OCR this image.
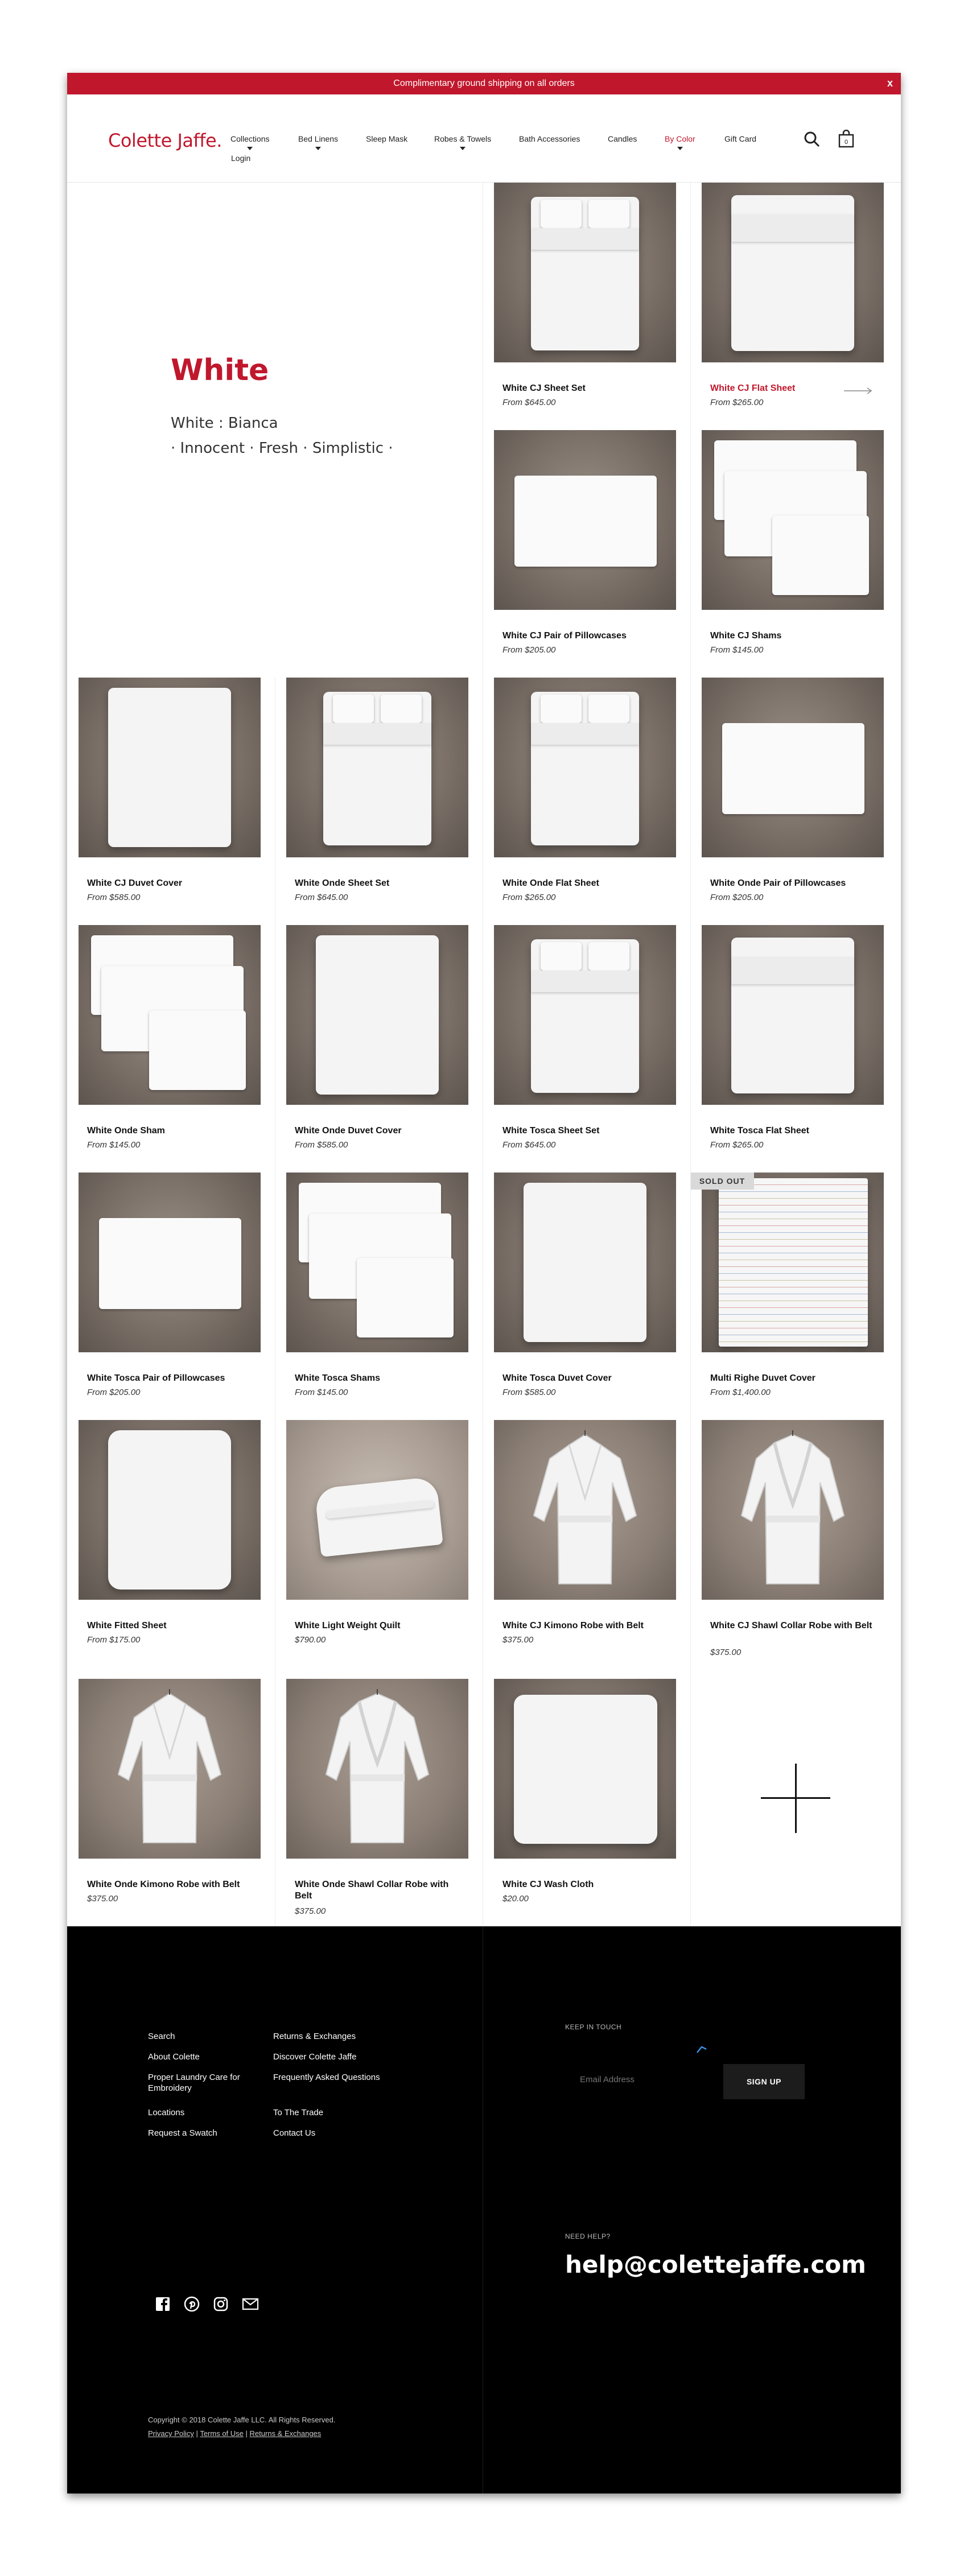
Complimentary ground shipping on all orders	x
Colette Jaffe. Collections	Bed Linens	Sleep Mask	Robes & Towels	Bath Accessories	Candles	By Color	Gift Card
Login
0
White
White : Bianca
· Innocent · Fresh · Simplistic ·
White CJ Sheet Set
From $645.00
White CJ Flat Sheet
From $265.00
White CJ Pair of Pillowcases
From $205.00
White CJ Shams
From $145.00
White CJ Duvet Cover
From $585.00
White Onde Sheet Set
From $645.00
White Onde Flat Sheet
From $265.00
White Onde Pair of Pillowcases
From $205.00
White Onde Sham
From $145.00
White Onde Duvet Cover
From $585.00
White Tosca Sheet Set
From $645.00
White Tosca Flat Sheet
From $265.00
White Tosca Pair of Pillowcases
From $205.00
White Tosca Shams
From $145.00
White Tosca Duvet Cover
From $585.00
SOLD OUT
Multi Righe Duvet Cover
From $1,400.00
White Fitted Sheet
From $175.00
White Light Weight Quilt
$790.00
White CJ Kimono Robe with Belt
$375.00
White CJ Shawl Collar Robe with Belt
$375.00
White Onde Kimono Robe with Belt
$375.00
White Onde Shawl Collar Robe with Belt
$375.00
White CJ Wash Cloth
$20.00
Search
About Colette
Proper Laundry Care for Embroidery
Locations
Request a Swatch
Returns & Exchanges
Discover Colette Jaffe
Frequently Asked Questions
To The Trade
Contact Us
KEEP IN TOUCH
Email Address
SIGN UP
NEED HELP?
help@colettejaffe.com
Copyright © 2018 Colette Jaffe LLC. All Rights Reserved.
Privacy Policy | Terms of Use | Returns & Exchanges
